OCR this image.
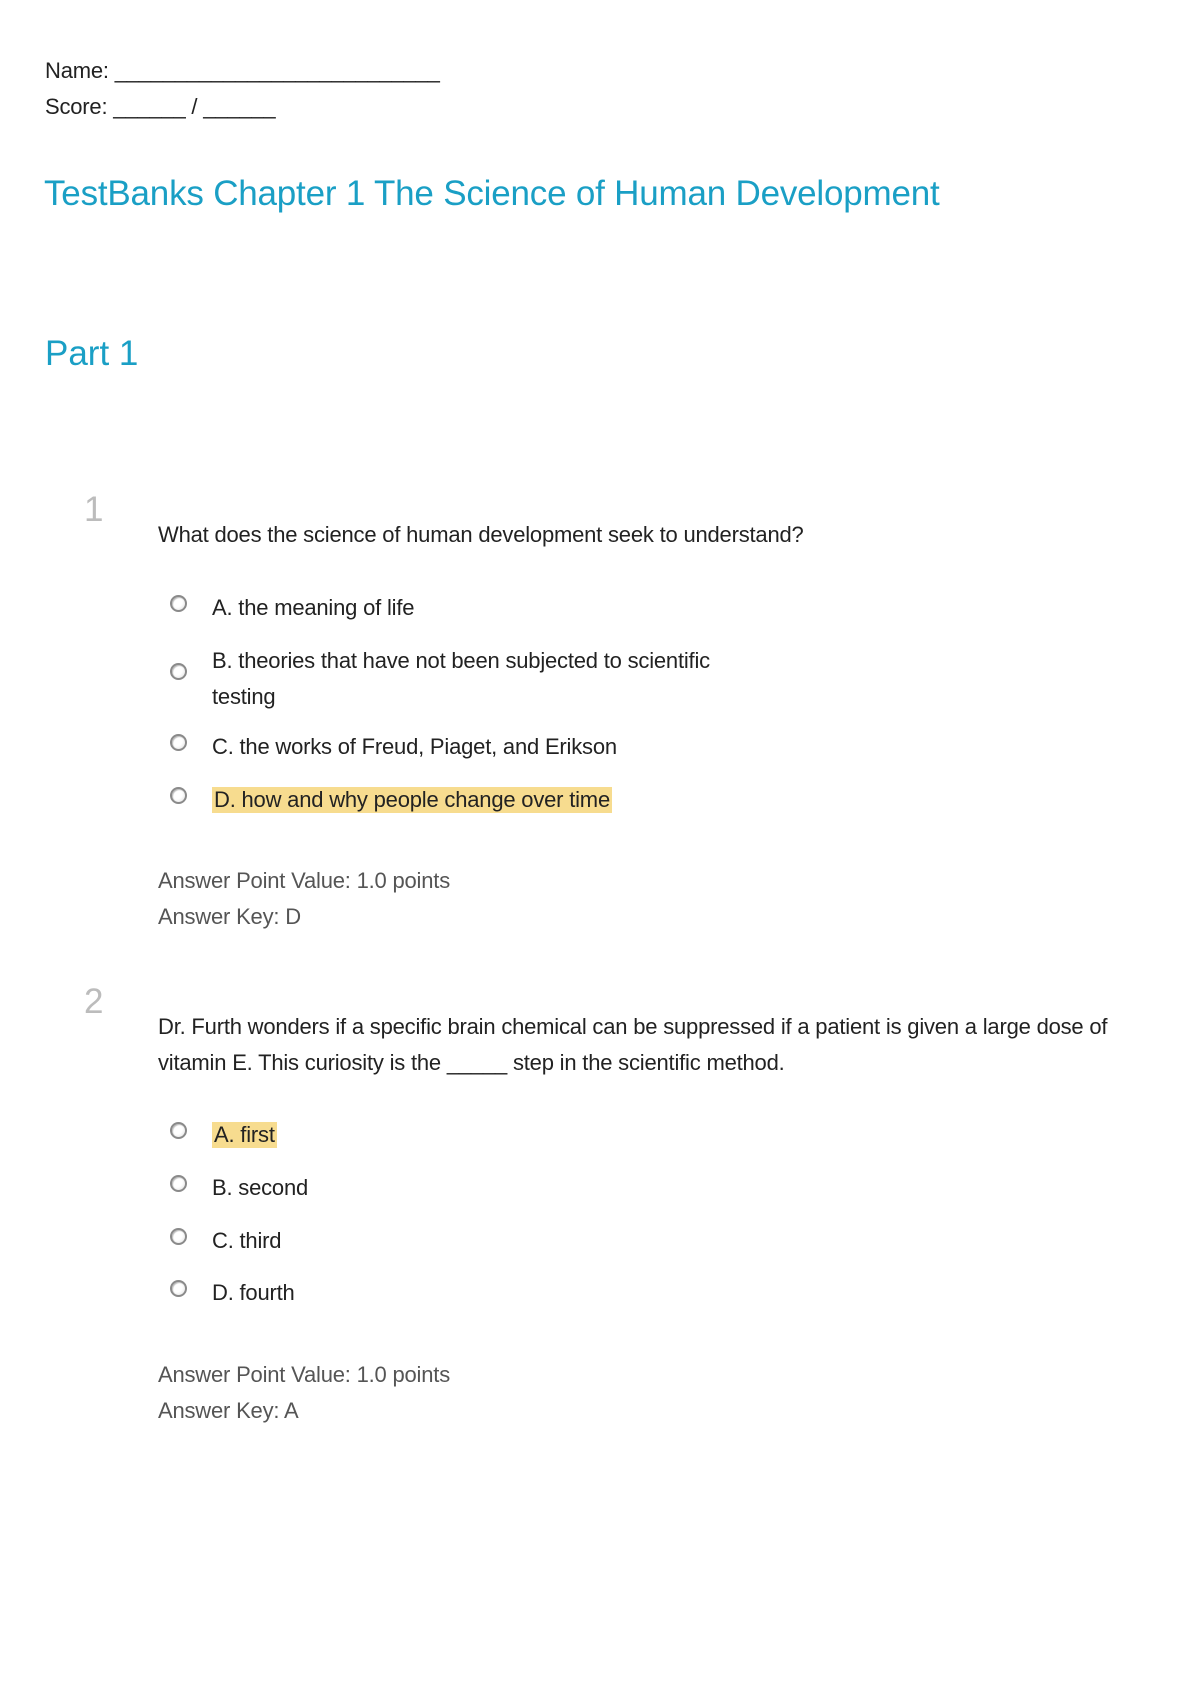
Name: ___________________________
Score: ______ / ______
TestBanks Chapter 1 The Science of Human Development
Part 1
1
What does the science of human development seek to understand?
A. the meaning of life
B. theories that have not been subjected to scientific testing
C. the works of Freud, Piaget, and Erikson
D. how and why people change over time
Answer Point Value: 1.0 points
Answer Key: D
2
Dr. Furth wonders if a specific brain chemical can be suppressed if a patient is given a large dose of vitamin E. This curiosity is the _____ step in the scientific method.
A. first
B. second
C. third
D. fourth
Answer Point Value: 1.0 points
Answer Key: A
